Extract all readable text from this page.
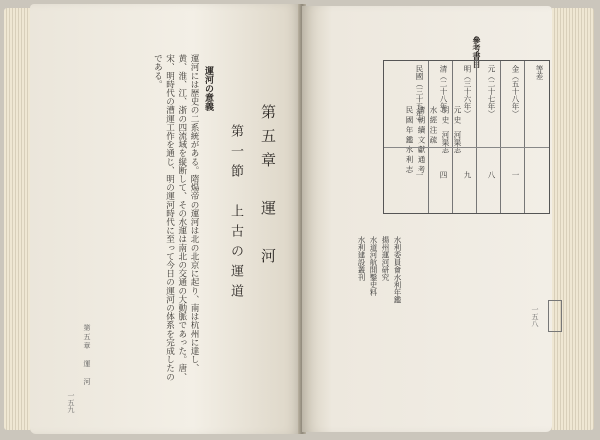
第五章　運　河
第一節　上古の運道
運河の意義

運河には歴史の二系統がある。隋煬帝の運河は北の北京に起り、南は杭州に達し、黄、淮、江、浙の四流域を縦断して、その水運は南北の交通の大動脈であった。唐、宋、明時代の漕運工作を通じ、明の運河時代に至って今日の運河の体系を完成したのである。

第五章　運　河
一五九
參考書目
元 史　河渠志
明 史　河渠志
水 經 注 疏
清 朝 續 文 獻 通 考
民 國 年 鑑 水 利 志
水利委員會水利年鑑
揚州運河研究
水道河航開鑿史料
水利建設叢刊
一五八
等差
金（五十八年）
元（二十七年）
明（三十六年）
清（二十八年）
民國（三十五年）
一
八
九
四
一
